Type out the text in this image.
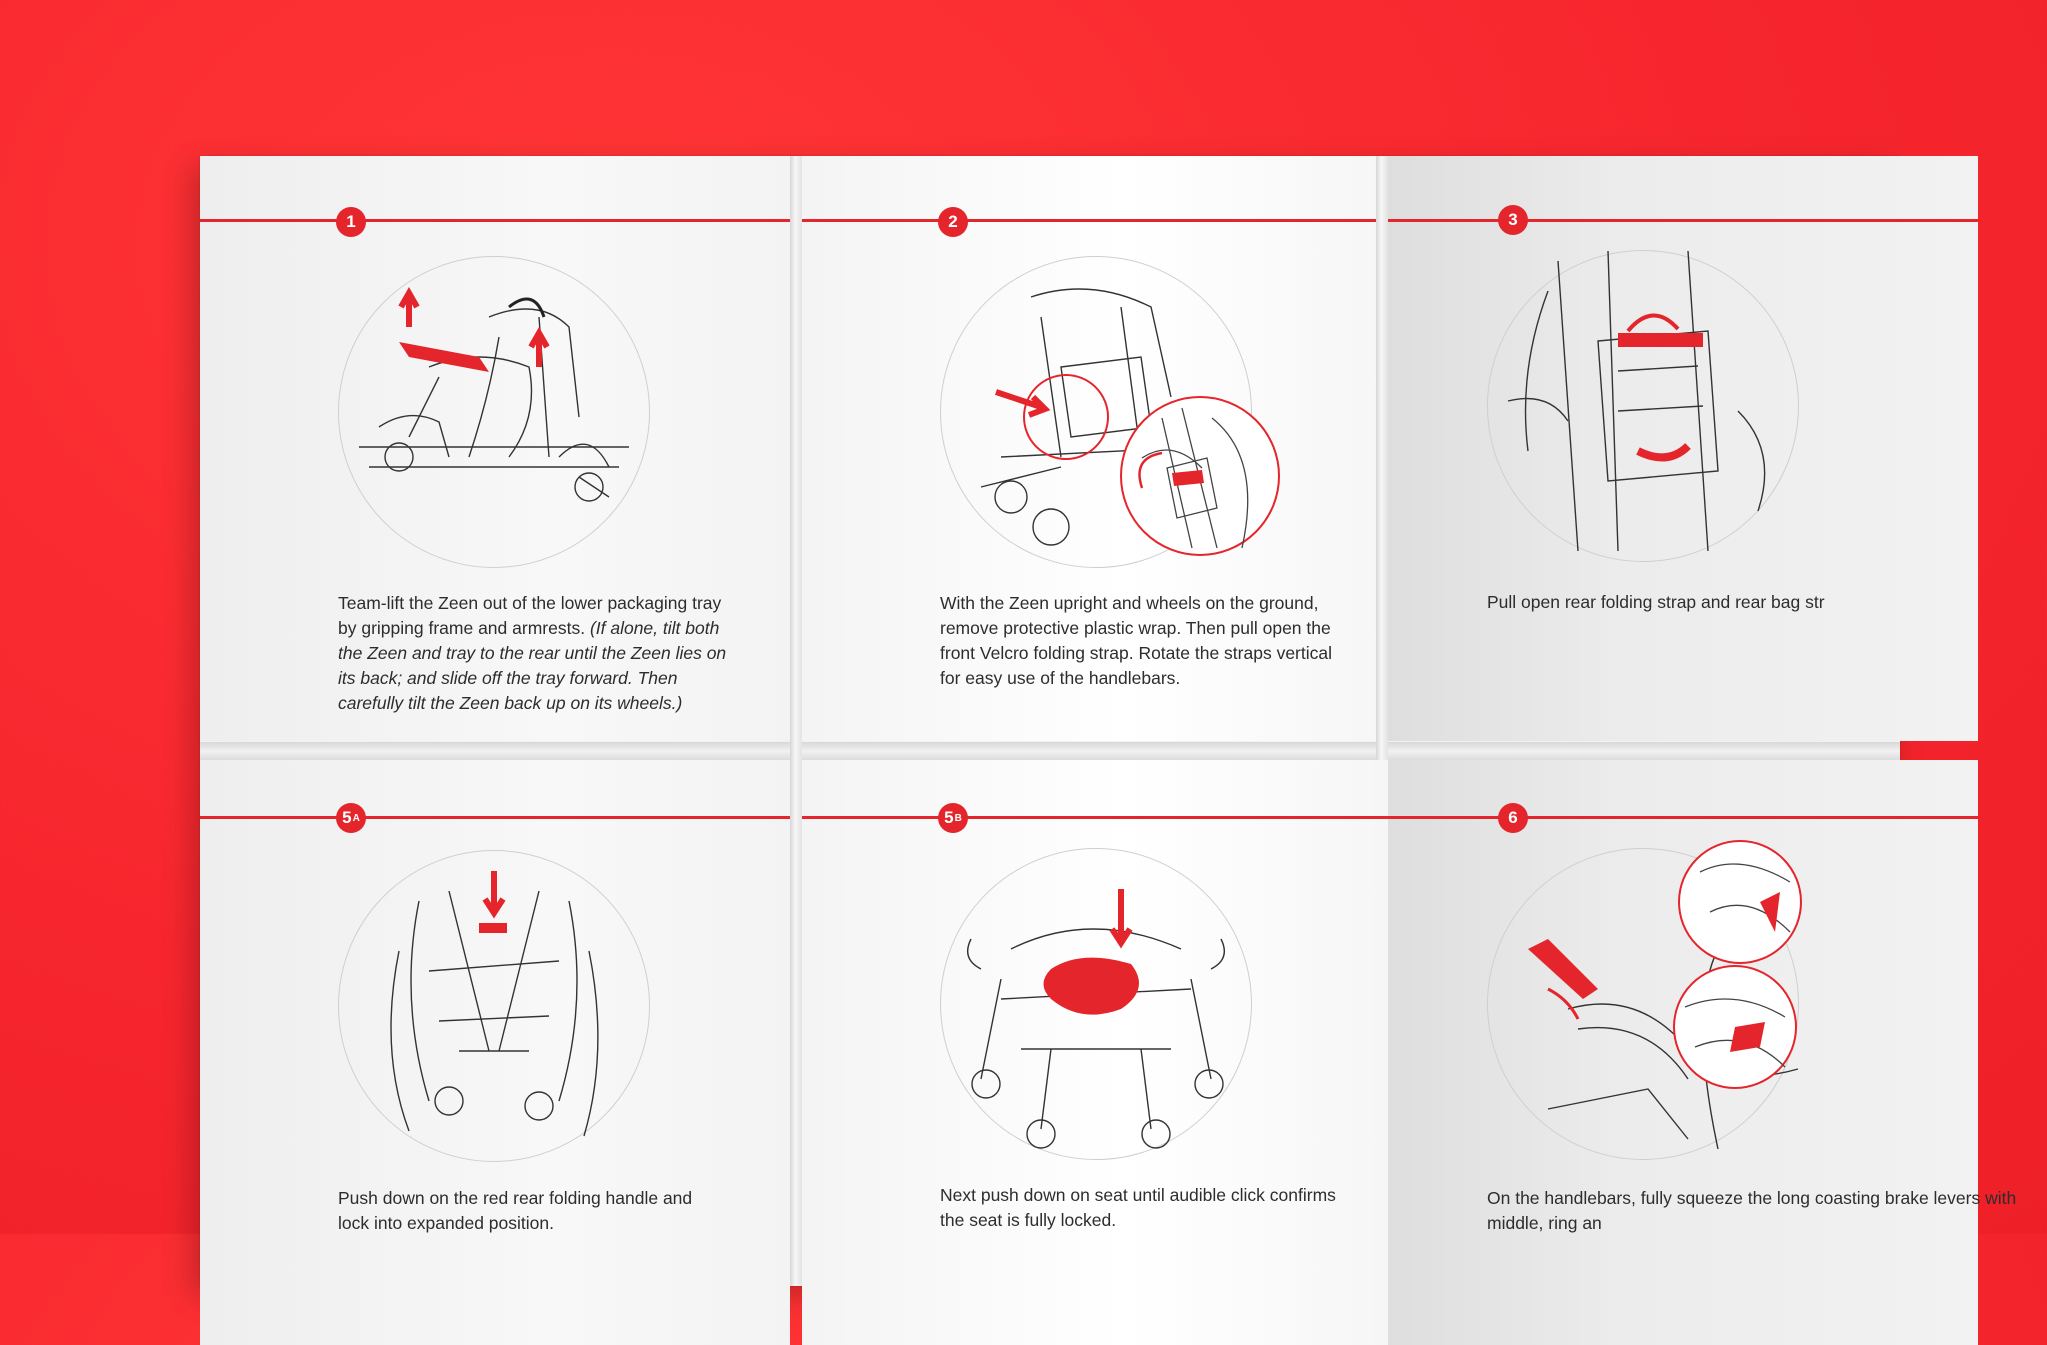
1
Team-lift the Zeen out of the lower packaging tray by gripping frame and armrests. (If alone, tilt both the Zeen and tray to the rear until the Zeen lies on its back; and slide off the tray forward. Then carefully tilt the Zeen back up on its wheels.)
2
With the Zeen upright and wheels on the ground, remove protective plastic wrap. Then pull open the front Velcro folding strap. Rotate the straps vertical for easy use of the handlebars.
3
Pull open rear folding strap and rear bag str
5 A
Push down on the red rear folding handle and lock into expanded position.
5 B
Next push down on seat until audible click confirms the seat is fully locked.
6
On the handlebars, fully squeeze the long coasting brake levers with middle, ring an
